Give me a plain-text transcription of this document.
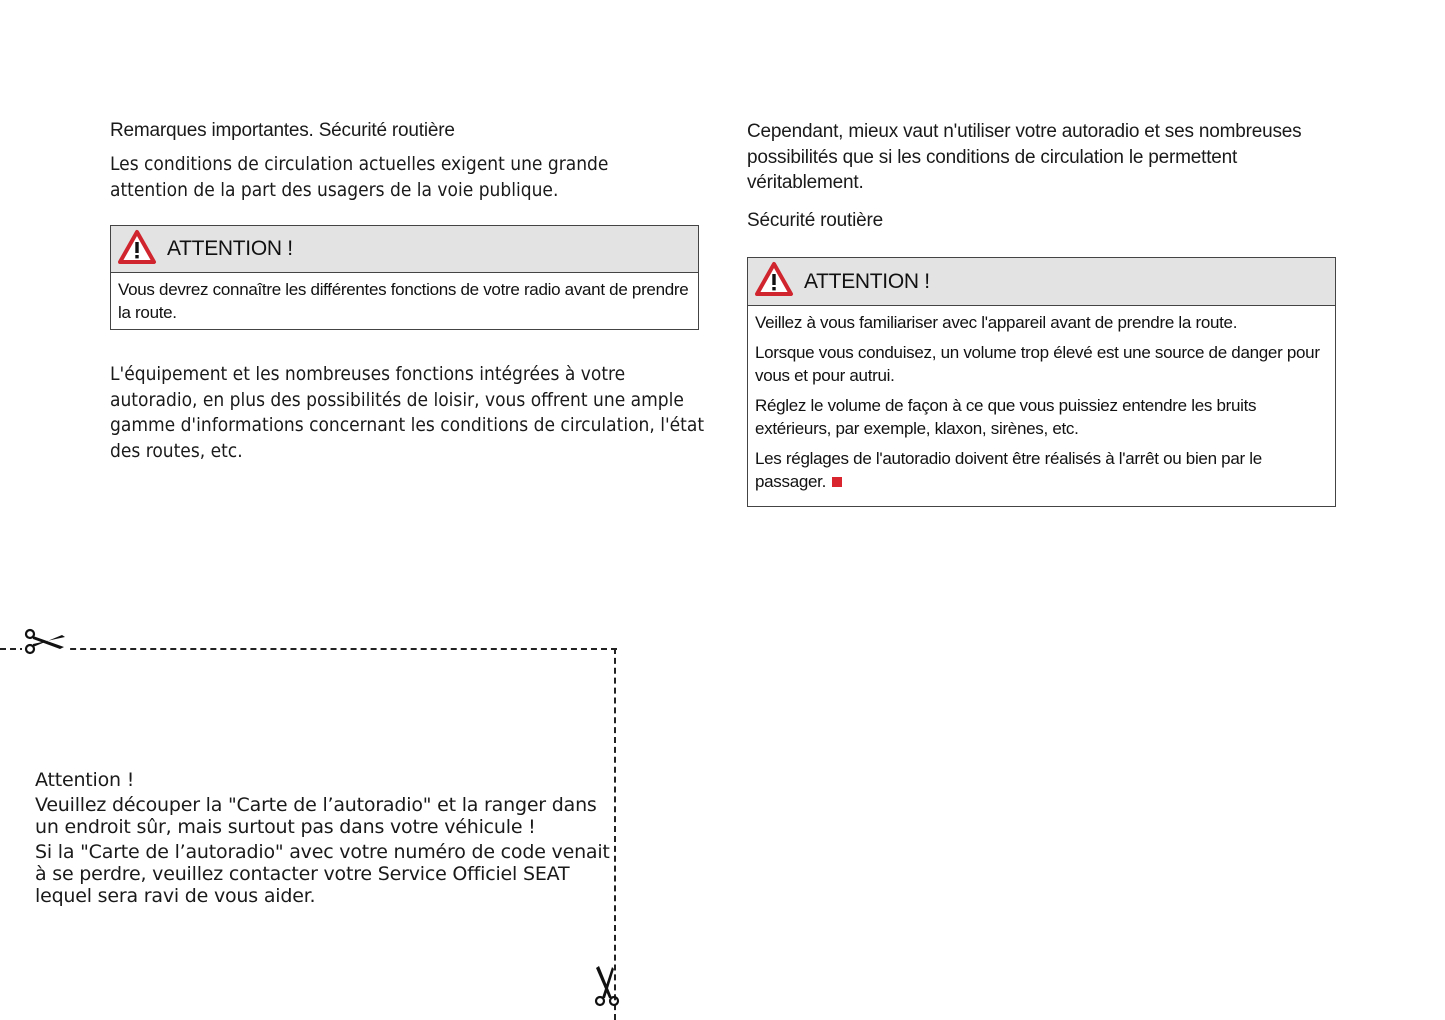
Remarques importantes. Sécurité routière
Les conditions de circulation actuelles exigent une grande attention de la part des usagers de la voie publique.
ATTENTION !

Vous devrez connaître les différentes fonctions de votre radio avant de prendre la route.

L'équipement et les nombreuses fonctions intégrées à votre autoradio, en plus des possibilités de loisir, vous offrent une ample gamme d'informations concernant les conditions de circulation, l'état des routes, etc.
Cependant, mieux vaut n'utiliser votre autoradio et ses nombreuses possibilités que si les conditions de circulation le permettent véritablement.
Sécurité routière
ATTENTION !

Veillez à vous familiariser avec l'appareil avant de prendre la route.

Lorsque vous conduisez, un volume trop élevé est une source de danger pour vous et pour autrui.

Réglez le volume de façon à ce que vous puissiez entendre les bruits extérieurs, par exemple, klaxon, sirènes, etc.

Les réglages de l'autoradio doivent être réalisés à l'arrêt ou bien par le passager.

Attention !

Veuillez découper la "Carte de l’autoradio" et la ranger dans un endroit sûr, mais surtout pas dans votre véhicule !

Si la "Carte de l’autoradio" avec votre numéro de code venait à se perdre, veuillez contacter votre Service Officiel SEAT lequel sera ravi de vous aider.
